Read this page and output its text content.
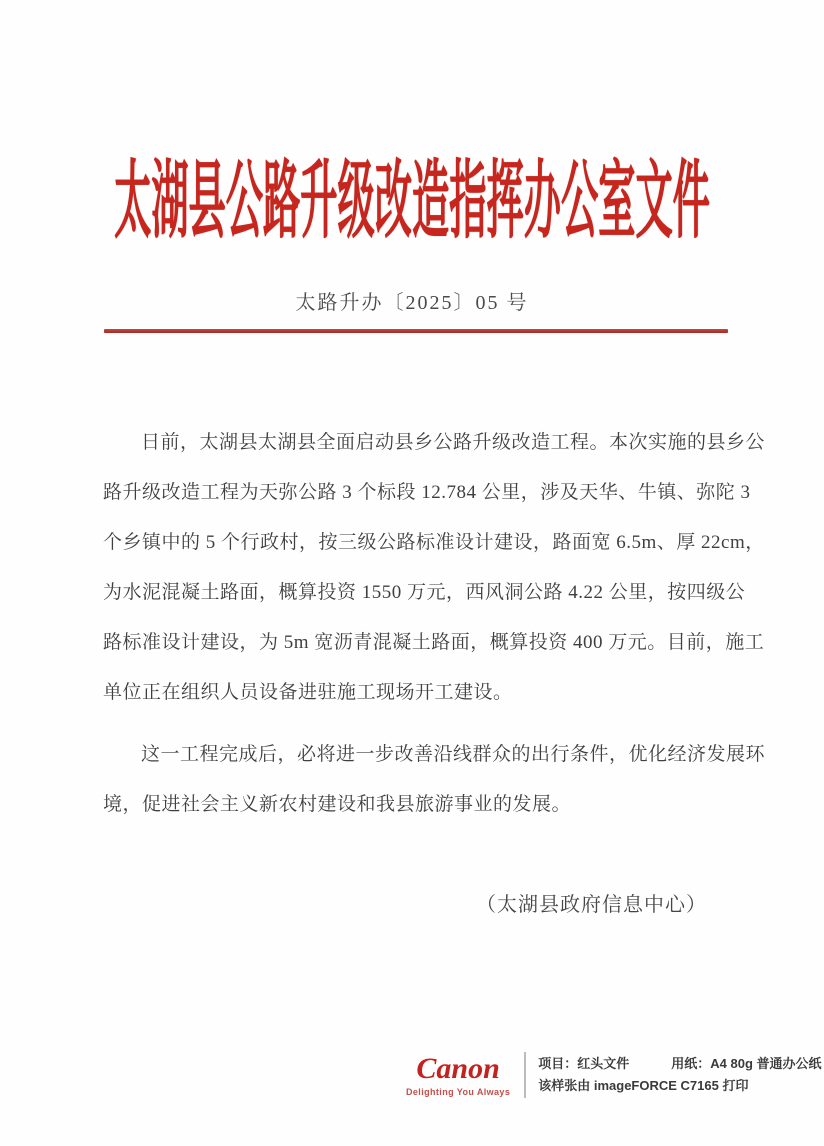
太湖县公路升级改造指挥办公室文件
太路升办〔2025〕05 号
日前，太湖县太湖县全面启动县乡公路升级改造工程。本次实施的县乡公
路升级改造工程为天弥公路 3 个标段 12.784 公里，涉及天华、牛镇、弥陀 3
个乡镇中的 5 个行政村，按三级公路标准设计建设，路面宽 6.5m、厚 22cm，
为水泥混凝土路面，概算投资 1550 万元，西风洞公路 4.22 公里，按四级公
路标准设计建设，为 5m 宽沥青混凝土路面，概算投资 400 万元。目前，施工
单位正在组织人员设备进驻施工现场开工建设。
这一工程完成后，必将进一步改善沿线群众的出行条件，优化经济发展环
境，促进社会主义新农村建设和我县旅游事业的发展。
（太湖县政府信息中心）
Canon
Delighting You Always
项目：红头文件	用纸：A4 80g 普通办公纸
该样张由 imageFORCE C7165 打印
